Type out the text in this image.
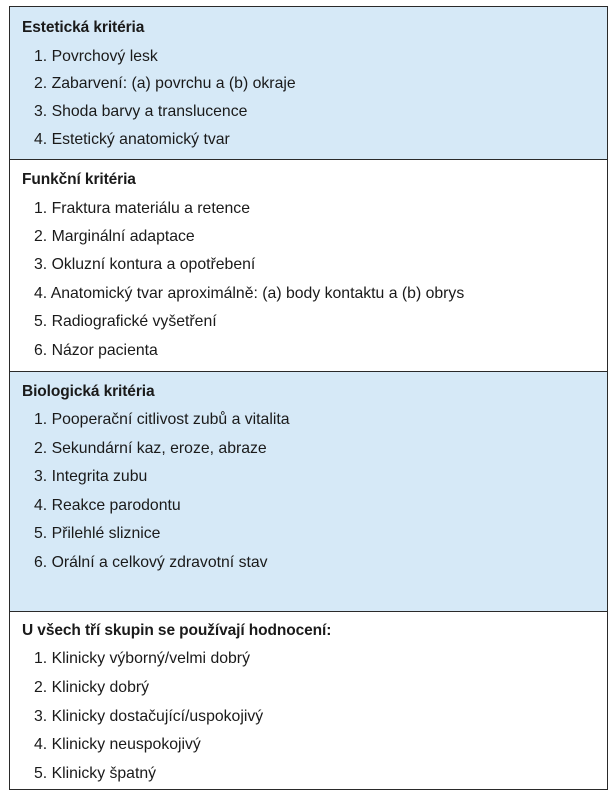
Estetická kritéria
1. Povrchový lesk
2. Zabarvení: (a) povrchu a (b) okraje
3. Shoda barvy a translucence
4. Estetický anatomický tvar
Funkční kritéria
1. Fraktura materiálu a retence
2. Marginální adaptace
3. Okluzní kontura a opotřebení
4. Anatomický tvar aproximálně: (a) body kontaktu a (b) obrys
5. Radiografické vyšetření
6. Názor pacienta
Biologická kritéria
1. Pooperační citlivost zubů a vitalita
2. Sekundární kaz, eroze, abraze
3. Integrita zubu
4. Reakce parodontu
5. Přilehlé sliznice
6. Orální a celkový zdravotní stav
U všech tří skupin se používají hodnocení:
1. Klinicky výborný/velmi dobrý
2. Klinicky dobrý
3. Klinicky dostačující/uspokojivý
4. Klinicky neuspokojivý
5. Klinicky špatný
